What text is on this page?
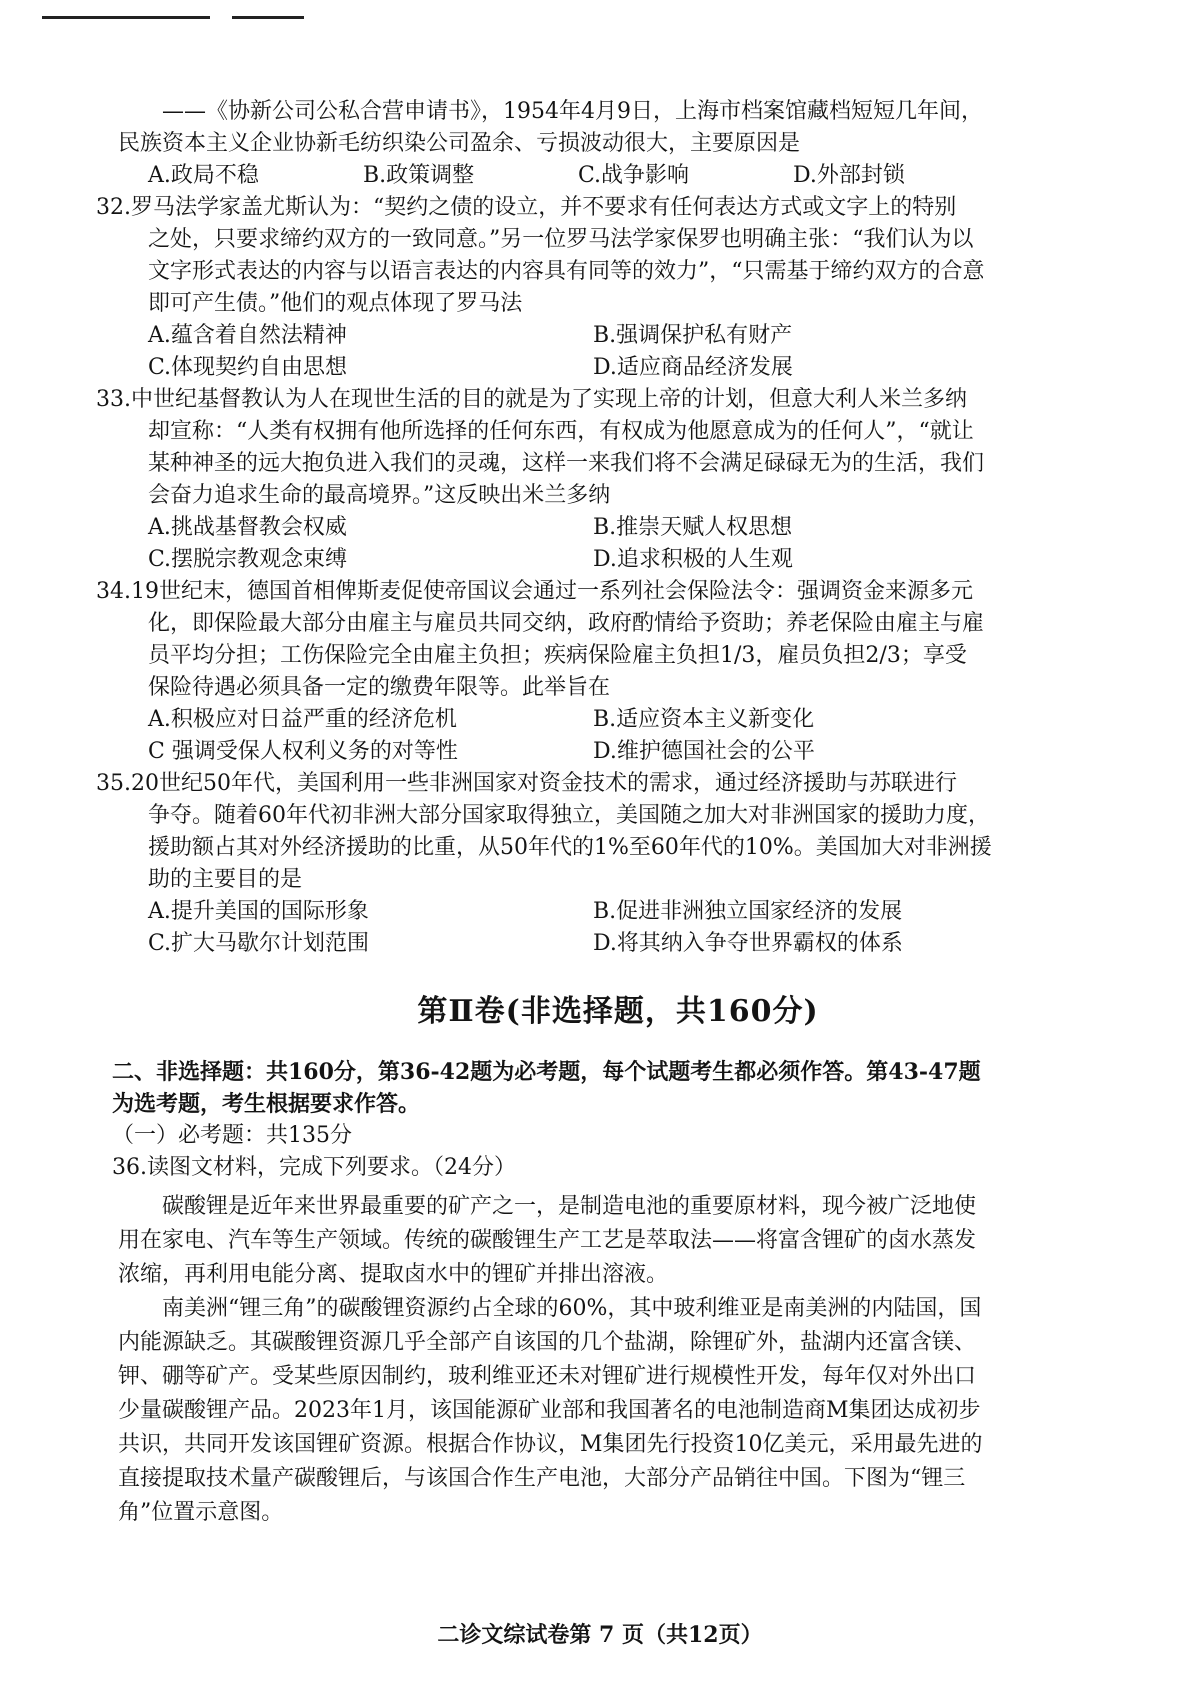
——《协新公司公私合营申请书》，1954年4月9日，上海市档案馆藏档短短几年间，
民族资本主义企业协新毛纺织染公司盈余、亏损波动很大，主要原因是
A.政局不稳	B.政策调整	C.战争影响	D.外部封锁
32.罗马法学家盖尤斯认为：“契约之债的设立，并不要求有任何表达方式或文字上的特别
之处，只要求缔约双方的一致同意。”另一位罗马法学家保罗也明确主张：“我们认为以
文字形式表达的内容与以语言表达的内容具有同等的效力”，“只需基于缔约双方的合意
即可产生债。”他们的观点体现了罗马法
A.蕴含着自然法精神	B.强调保护私有财产
C.体现契约自由思想	D.适应商品经济发展
33.中世纪基督教认为人在现世生活的目的就是为了实现上帝的计划，但意大利人米兰多纳
却宣称：“人类有权拥有他所选择的任何东西，有权成为他愿意成为的任何人”，“就让
某种神圣的远大抱负进入我们的灵魂，这样一来我们将不会满足碌碌无为的生活，我们
会奋力追求生命的最高境界。”这反映出米兰多纳
A.挑战基督教会权威	B.推崇天赋人权思想
C.摆脱宗教观念束缚	D.追求积极的人生观
34.19世纪末，德国首相俾斯麦促使帝国议会通过一系列社会保险法令：强调资金来源多元
化，即保险最大部分由雇主与雇员共同交纳，政府酌情给予资助；养老保险由雇主与雇
员平均分担；工伤保险完全由雇主负担；疾病保险雇主负担1/3，雇员负担2/3；享受
保险待遇必须具备一定的缴费年限等。此举旨在
A.积极应对日益严重的经济危机	B.适应资本主义新变化
C 强调受保人权利义务的对等性	D.维护德国社会的公平
35.20世纪50年代，美国利用一些非洲国家对资金技术的需求，通过经济援助与苏联进行
争夺。随着60年代初非洲大部分国家取得独立，美国随之加大对非洲国家的援助力度，
援助额占其对外经济援助的比重，从50年代的1%至60年代的10%。美国加大对非洲援
助的主要目的是
A.提升美国的国际形象	B.促进非洲独立国家经济的发展
C.扩大马歇尔计划范围	D.将其纳入争夺世界霸权的体系
第Ⅱ卷(非选择题，共160分)
二、非选择题：共160分，第36-42题为必考题，每个试题考生都必须作答。第43-47题
为选考题，考生根据要求作答。
（一）必考题：共135分
36.读图文材料，完成下列要求。（24分）
碳酸锂是近年来世界最重要的矿产之一，是制造电池的重要原材料，现今被广泛地使
用在家电、汽车等生产领域。传统的碳酸锂生产工艺是萃取法——将富含锂矿的卤水蒸发
浓缩，再利用电能分离、提取卤水中的锂矿并排出溶液。
南美洲“锂三角”的碳酸锂资源约占全球的60%，其中玻利维亚是南美洲的内陆国，国
内能源缺乏。其碳酸锂资源几乎全部产自该国的几个盐湖，除锂矿外，盐湖内还富含镁、
钾、硼等矿产。受某些原因制约，玻利维亚还未对锂矿进行规模性开发，每年仅对外出口
少量碳酸锂产品。2023年1月，该国能源矿业部和我国著名的电池制造商M集团达成初步
共识，共同开发该国锂矿资源。根据合作协议，M集团先行投资10亿美元，采用最先进的
直接提取技术量产碳酸锂后，与该国合作生产电池，大部分产品销往中国。下图为“锂三
角”位置示意图。
二诊文综试卷第 7 页（共12页）
